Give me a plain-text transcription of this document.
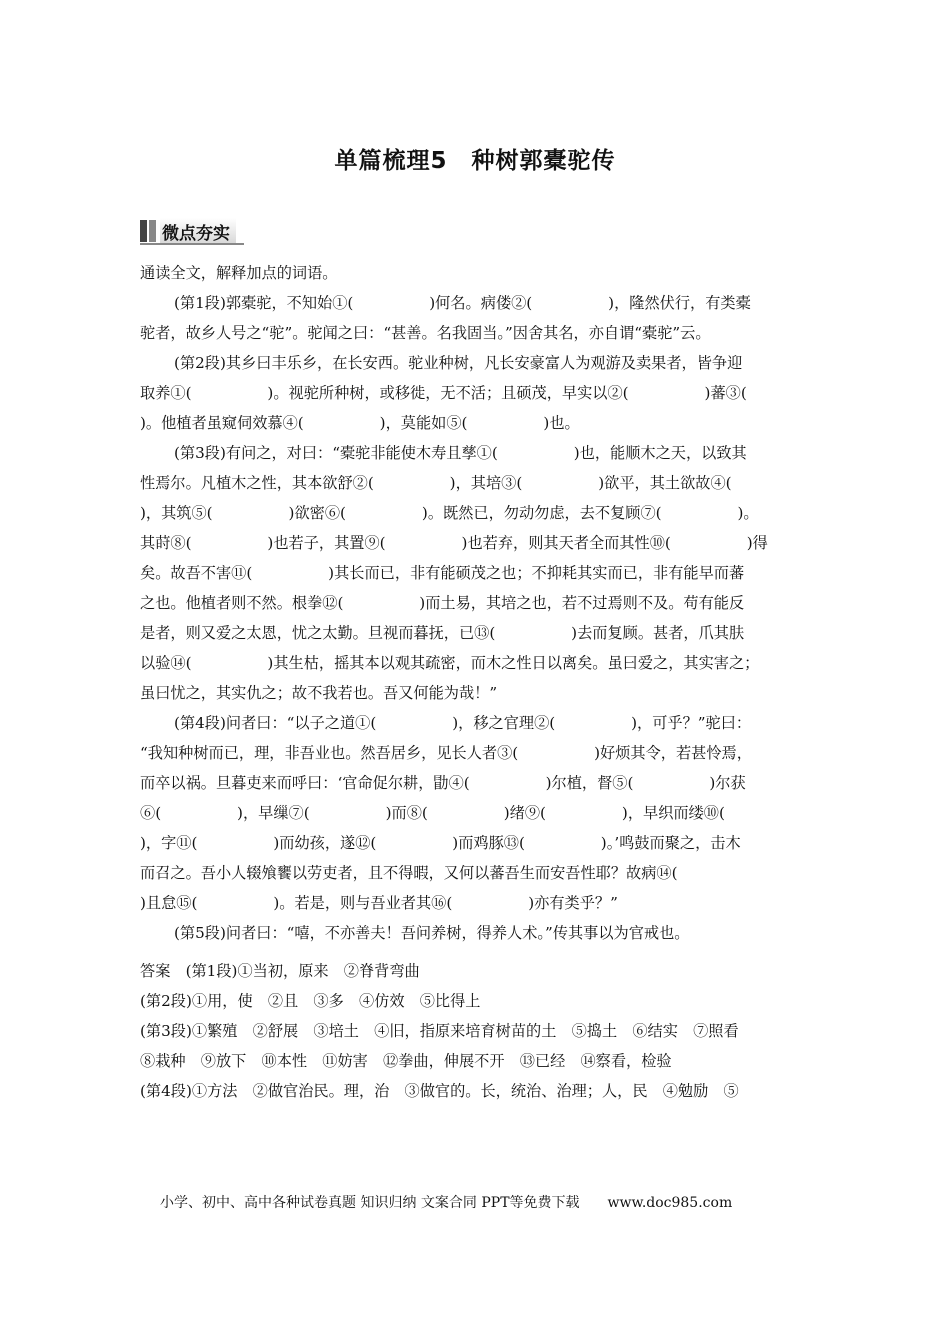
单篇梳理5　种树郭橐驼传
微点夯实
通读全文，解释加点的词语。
(第1段)郭橐驼，不知始①(　　　　　)何名。病偻②(　　　　　)，隆然伏行，有类橐
驼者，故乡人号之“驼”。驼闻之曰：“甚善。名我固当。”因舍其名，亦自谓“橐驼”云。
(第2段)其乡曰丰乐乡，在长安西。驼业种树，凡长安豪富人为观游及卖果者，皆争迎
取养①(　　　　　)。视驼所种树，或移徙，无不活；且硕茂，早实以②(　　　　　)蕃③(
)。他植者虽窥伺效慕④(　　　　　)，莫能如⑤(　　　　　)也。
(第3段)有问之，对曰：“橐驼非能使木寿且孳①(　　　　　)也，能顺木之天，以致其
性焉尔。凡植木之性，其本欲舒②(　　　　　)，其培③(　　　　　)欲平，其土欲故④(
)，其筑⑤(　　　　　)欲密⑥(　　　　　)。既然已，勿动勿虑，去不复顾⑦(　　　　　)。
其莳⑧(　　　　　)也若子，其置⑨(　　　　　)也若弃，则其天者全而其性⑩(　　　　　)得
矣。故吾不害⑪(　　　　　)其长而已，非有能硕茂之也；不抑耗其实而已，非有能早而蕃
之也。他植者则不然。根拳⑫(　　　　　)而土易，其培之也，若不过焉则不及。苟有能反
是者，则又爱之太恩，忧之太勤。旦视而暮抚，已⑬(　　　　　)去而复顾。甚者，爪其肤
以验⑭(　　　　　)其生枯，摇其本以观其疏密，而木之性日以离矣。虽曰爱之，其实害之；
虽曰忧之，其实仇之；故不我若也。吾又何能为哉！”
(第4段)问者曰：“以子之道①(　　　　　)，移之官理②(　　　　　)，可乎？”驼曰：
“我知种树而已，理，非吾业也。然吾居乡，见长人者③(　　　　　)好烦其令，若甚怜焉，
而卒以祸。旦暮吏来而呼曰：‘官命促尔耕，勖④(　　　　　)尔植，督⑤(　　　　　)尔获
⑥(　　　　　)，早缫⑦(　　　　　)而⑧(　　　　　)绪⑨(　　　　　)，早织而缕⑩(
)，字⑪(　　　　　)而幼孩，遂⑫(　　　　　)而鸡豚⑬(　　　　　)。’鸣鼓而聚之，击木
而召之。吾小人辍飧饔以劳吏者，且不得暇，又何以蕃吾生而安吾性耶？故病⑭(
)且怠⑮(　　　　　)。若是，则与吾业者其⑯(　　　　　)亦有类乎？”
(第5段)问者曰：“嘻，不亦善夫！吾问养树，得养人术。”传其事以为官戒也。
答案　(第1段)①当初，原来　②脊背弯曲
(第2段)①用，使　②且　③多　④仿效　⑤比得上
(第3段)①繁殖　②舒展　③培土　④旧，指原来培育树苗的土　⑤捣土　⑥结实　⑦照看
⑧栽种　⑨放下　⑩本性　⑪妨害　⑫拳曲，伸展不开　⑬已经　⑭察看，检验
(第4段)①方法　②做官治民。理，治　③做官的。长，统治、治理；人，民　④勉励　⑤
小学、初中、高中各种试卷真题 知识归纳 文案合同 PPT等免费下载　　www.doc985.com
